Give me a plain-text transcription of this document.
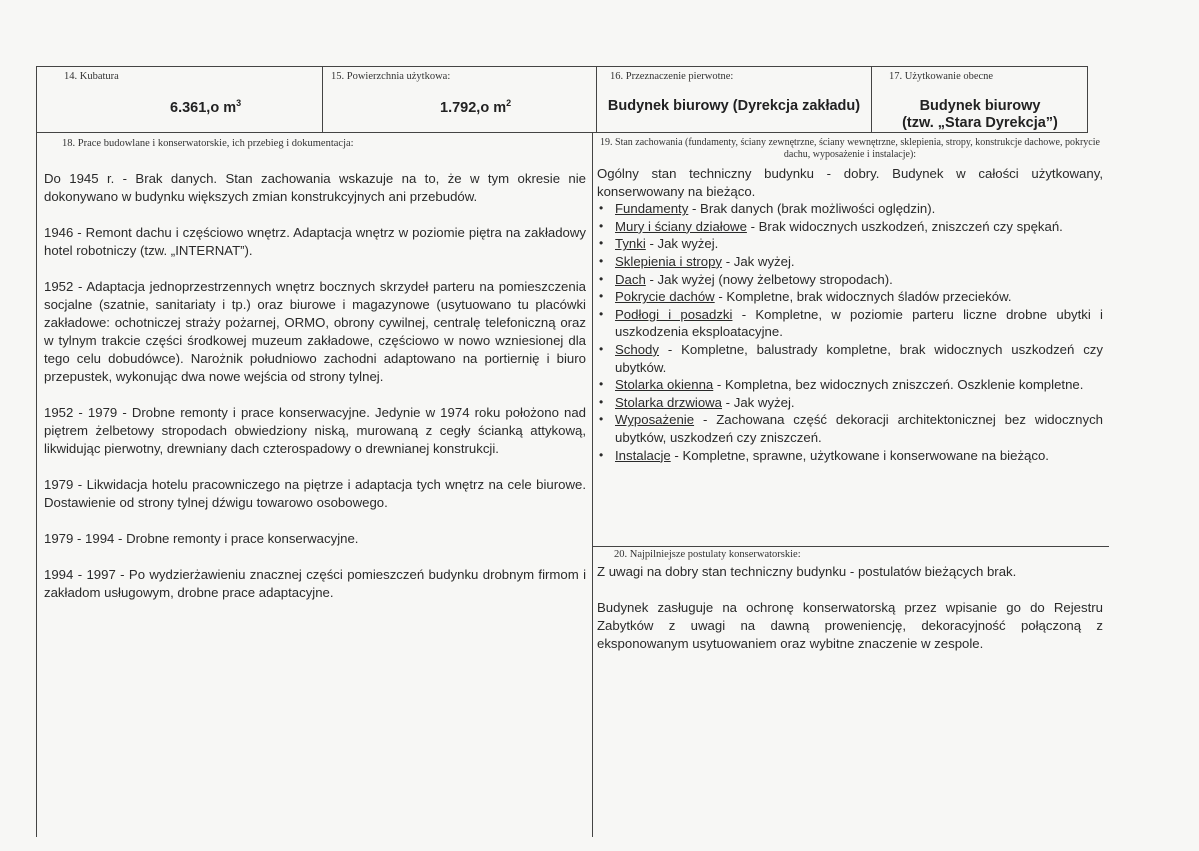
14. Kubatura
6.361,o $m^3$
15. Powierzchnia użytkowa:
1.792,o $m^2$
16. Przeznaczenie pierwotne:
Budynek biurowy (Dyrekcja zakładu)
17. Użytkowanie obecne
Budynek biurowy
(tzw. „Stara Dyrekcja”)
18. Prace budowlane i konserwatorskie, ich przebieg i dokumentacja:

Do 1945 r. - Brak danych. Stan zachowania wskazuje na to, że w tym okresie nie dokonywano w budynku większych zmian konstrukcyjnych ani przebudów.

1946 - Remont dachu i częściowo wnętrz. Adaptacja wnętrz w poziomie piętra na zakładowy hotel robotniczy (tzw. „INTERNAT”).

1952 - Adaptacja jednoprzestrzennych wnętrz bocznych skrzydeł parteru na pomieszczenia socjalne (szatnie, sanitariaty i tp.) oraz biurowe i magazynowe (usytuowano tu placówki zakładowe: ochotniczej straży pożarnej, ORMO, obrony cywilnej, centralę telefoniczną oraz w tylnym trakcie części środkowej muzeum zakładowe, częściowo w nowo wzniesionej dla tego celu dobudówce). Narożnik południowo zachodni adaptowano na portiernię i biuro przepustek, wykonując dwa nowe wejścia od strony tylnej.

1952 - 1979 - Drobne remonty i prace konserwacyjne. Jedynie w 1974 roku położono nad piętrem żelbetowy stropodach obwiedziony niską, murowaną z cegły ścianką attykową, likwidując pierwotny, drewniany dach czterospadowy o drewnianej konstrukcji.

1979 - Likwidacja hotelu pracowniczego na piętrze i adaptacja tych wnętrz na cele biurowe. Dostawienie od strony tylnej dźwigu towarowo osobowego.

1979 - 1994 - Drobne remonty i prace konserwacyjne.

1994 - 1997 - Po wydzierżawieniu znacznej części pomieszczeń budynku drobnym firmom i zakładom usługowym, drobne prace adaptacyjne.

19. Stan zachowania (fundamenty, ściany zewnętrzne, ściany wewnętrzne, sklepienia, stropy, konstrukcje dachowe, pokrycie dachu, wyposażenie i instalacje):

Ogólny stan techniczny budynku - dobry. Budynek w całości użytkowany, konserwowany na bieżąco.

• Fundamenty - Brak danych (brak możliwości oględzin).

• Mury i ściany działowe - Brak widocznych uszkodzeń, zniszczeń czy spękań.

• Tynki - Jak wyżej.

• Sklepienia i stropy - Jak wyżej.

• Dach - Jak wyżej (nowy żelbetowy stropodach).

• Pokrycie dachów - Kompletne, brak widocznych śladów przecieków.

• Podłogi i posadzki - Kompletne, w poziomie parteru liczne drobne ubytki i uszkodzenia eksploatacyjne.

• Schody - Kompletne, balustrady kompletne, brak widocznych uszkodzeń czy ubytków.

• Stolarka okienna - Kompletna, bez widocznych zniszczeń. Oszklenie kompletne.

• Stolarka drzwiowa - Jak wyżej.

• Wyposażenie - Zachowana część dekoracji architektonicznej bez widocznych ubytków, uszkodzeń czy zniszczeń.

• Instalacje - Kompletne, sprawne, użytkowane i konserwowane na bieżąco.

20. Najpilniejsze postulaty konserwatorskie:

Z uwagi na dobry stan techniczny budynku - postulatów bieżących brak.

Budynek zasługuje na ochronę konserwatorską przez wpisanie go do Rejestru Zabytków z uwagi na dawną proweniencję, dekoracyjność połączoną z eksponowanym usytuowaniem oraz wybitne znaczenie w zespole.
